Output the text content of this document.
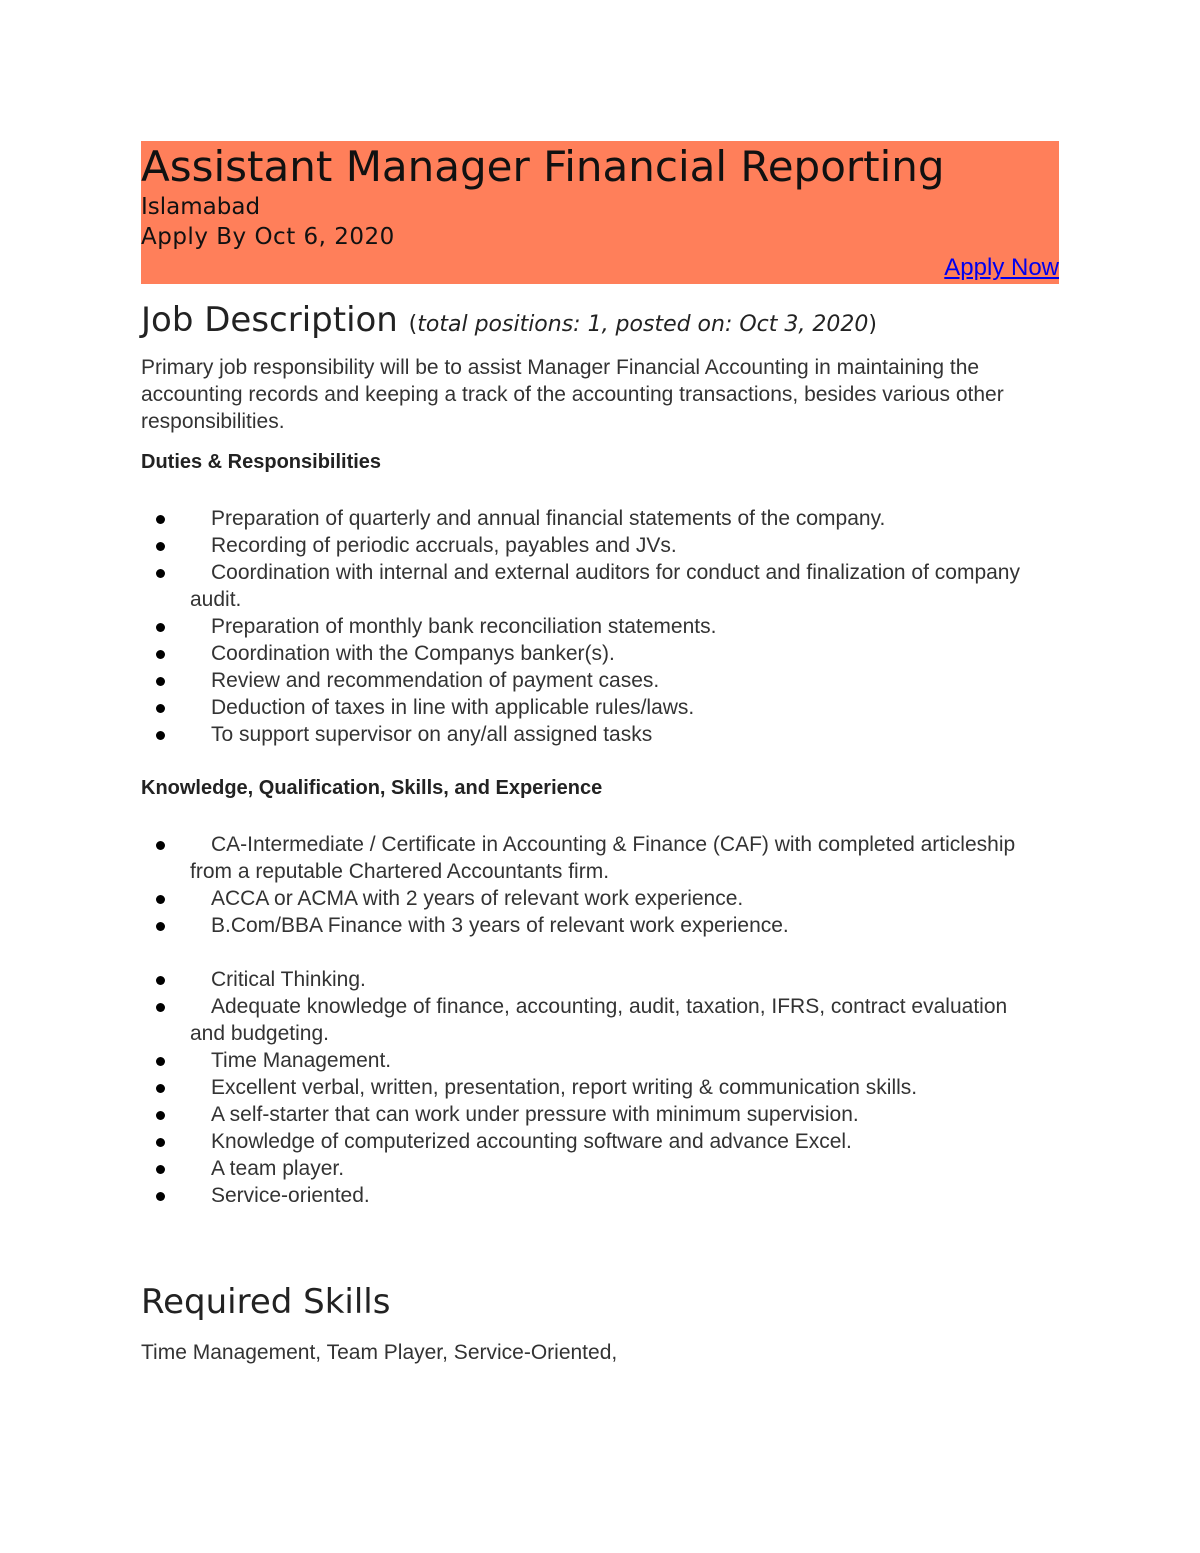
Assistant Manager Financial Reporting
Islamabad
Apply By Oct 6, 2020
Apply Now
Job Description (total positions: 1, posted on: Oct 3, 2020)

Primary job responsibility will be to assist Manager Financial Accounting in maintaining the accounting records and keeping a track of the accounting transactions, besides various other responsibilities.

Duties & Responsibilities
Preparation of quarterly and annual financial statements of the company.
Recording of periodic accruals, payables and JVs.
Coordination with internal and external auditors for conduct and finalization of company audit.
Preparation of monthly bank reconciliation statements.
Coordination with the Companys banker(s).
Review and recommendation of payment cases.
Deduction of taxes in line with applicable rules/laws.
To support supervisor on any/all assigned tasks
Knowledge, Qualification, Skills, and Experience
CA-Intermediate / Certificate in Accounting & Finance (CAF) with completed articleship from a reputable Chartered Accountants firm.
ACCA or ACMA with 2 years of relevant work experience.
B.Com/BBA Finance with 3 years of relevant work experience.
Critical Thinking.
Adequate knowledge of finance, accounting, audit, taxation, IFRS, contract evaluation and budgeting.
Time Management.
Excellent verbal, written, presentation, report writing & communication skills.
A self-starter that can work under pressure with minimum supervision.
Knowledge of computerized accounting software and advance Excel.
A team player.
Service-oriented.
Required Skills

Time Management, Team Player, Service-Oriented,
